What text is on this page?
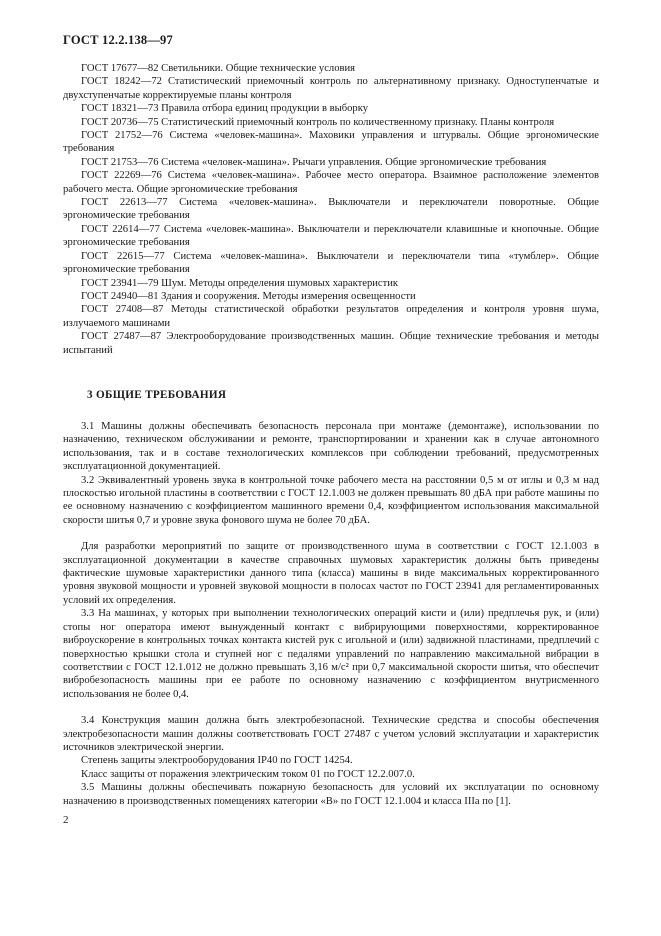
ГОСТ 12.2.138—97

ГОСТ 17677—82 Светильники. Общие технические условия

ГОСТ 18242—72 Статистический приемочный контроль по альтернативному признаку. Одноступенчатые и двухступенчатые корректируемые планы контроля

ГОСТ 18321—73 Правила отбора единиц продукции в выборку

ГОСТ 20736—75 Статистический приемочный контроль по количественному признаку. Планы контроля

ГОСТ 21752—76 Система «человек-машина». Маховики управления и штурвалы. Общие эргономические требования

ГОСТ 21753—76 Система «человек-машина». Рычаги управления. Общие эргономические требования

ГОСТ 22269—76 Система «человек-машина». Рабочее место оператора. Взаимное расположение элементов рабочего места. Общие эргономические требования

ГОСТ 22613—77 Система «человек-машина». Выключатели и переключатели поворотные. Общие эргономические требования

ГОСТ 22614—77 Система «человек-машина». Выключатели и переключатели клавишные и кнопочные. Общие эргономические требования

ГОСТ 22615—77 Система «человек-машина». Выключатели и переключатели типа «тумблер». Общие эргономические требования

ГОСТ 23941—79 Шум. Методы определения шумовых характеристик

ГОСТ 24940—81 Здания и сооружения. Методы измерения освещенности

ГОСТ 27408—87 Методы статистической обработки результатов определения и контроля уровня шума, излучаемого машинами

ГОСТ 27487—87 Электрооборудование производственных машин. Общие технические требования и методы испытаний

3 ОБЩИЕ ТРЕБОВАНИЯ

3.1 Машины должны обеспечивать безопасность персонала при монтаже (демонтаже), использовании по назначению, техническом обслуживании и ремонте, транспортировании и хранении как в случае автономного использования, так и в составе технологических комплексов при соблюдении требований, предусмотренных эксплуатационной документацией.

3.2 Эквивалентный уровень звука в контрольной точке рабочего места на расстоянии 0,5 м от иглы и 0,3 м над плоскостью игольной пластины в соответствии с ГОСТ 12.1.003 не должен превышать 80 дБА при работе машины по ее основному назначению с коэффициентом машинного времени 0,4, коэффициентом использования максимальной скорости шитья 0,7 и уровне звука фонового шума не более 70 дБА.

Для разработки мероприятий по защите от производственного шума в соответствии с ГОСТ 12.1.003 в эксплуатационной документации в качестве справочных шумовых характеристик должны быть приведены фактические шумовые характеристики данного типа (класса) машины в виде максимальных корректированного уровня звуковой мощности и уровней звуковой мощности в полосах частот по ГОСТ 23941 для регламентированных условий их определения.

3.3 На машинах, у которых при выполнении технологических операций кисти и (или) предплечья рук, и (или) стопы ног оператора имеют вынужденный контакт с вибрирующими поверхностями, корректированное виброускорение в контрольных точках контакта кистей рук с игольной и (или) задвижной пластинами, предплечий с поверхностью крышки стола и ступней ног с педалями управлений по направлению максимальной вибрации в соответствии с ГОСТ 12.1.012 не должно превышать 3,16 м/с² при 0,7 максимальной скорости шитья, что обеспечит вибробезопасность машины при ее работе по основному назначению с коэффициентом внутрисменного использования не более 0,4.

3.4 Конструкция машин должна быть электробезопасной. Технические средства и способы обеспечения электробезопасности машин должны соответствовать ГОСТ 27487 с учетом условий эксплуатации и характеристик источников электрической энергии.

Степень защиты электрооборудования IP40 по ГОСТ 14254.

Класс защиты от поражения электрическим током 01 по ГОСТ 12.2.007.0.

3.5 Машины должны обеспечивать пожарную безопасность для условий их эксплуатации по основному назначению в производственных помещениях категории «В» по ГОСТ 12.1.004 и класса IIIа по [1].

2
